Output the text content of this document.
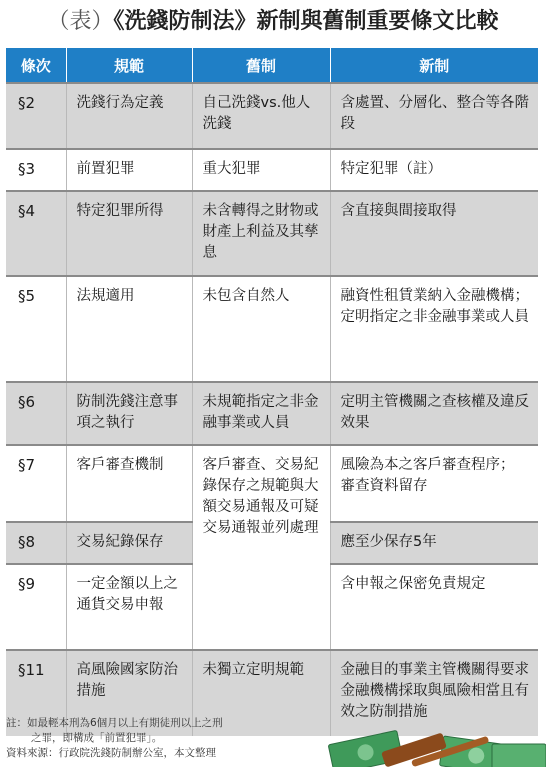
（表）《洗錢防制法》新制與舊制重要條文比較
條次	規範	舊制	新制
§2	洗錢行為定義	自己洗錢vs.他人洗錢	含處置、分層化、整合等各階段
§3	前置犯罪	重大犯罪	特定犯罪（註）
§4	特定犯罪所得	未含轉得之財物或財產上利益及其孳息	含直接與間接取得
§5	法規適用	未包含自然人	融資性租賃業納入金融機構；
定明指定之非金融事業或人員
§6	防制洗錢注意事項之執行	未規範指定之非金融事業或人員	定明主管機關之查核權及違反效果
§7	客戶審查機制	客戶審查、交易紀錄保存之規範與大額交易通報及可疑交易通報並列處理	風險為本之客戶審查程序；
審查資料留存
§8	交易紀錄保存		應至少保存5年
§9	一定金額以上之通貨交易申報		含申報之保密免責規定
§11	高風險國家防治措施	未獨立定明規範	金融目的事業主管機關得要求金融機構採取與風險相當且有效之防制措施
註：如最輕本刑為6個月以上有期徒刑以上之刑
之罪，即構成「前置犯罪」。
資料來源：行政院洗錢防制辦公室，本文整理
